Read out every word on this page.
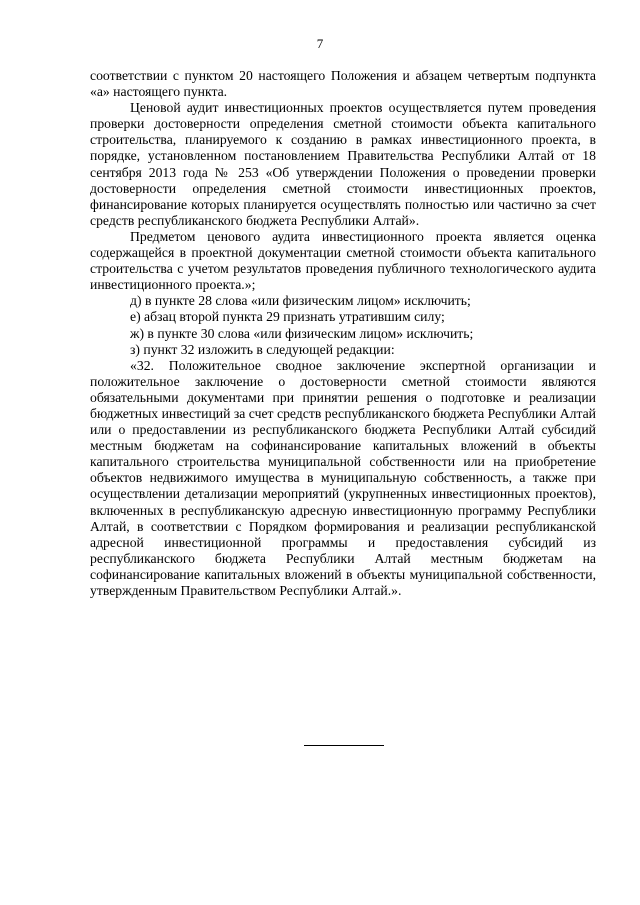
7

соответствии с пунктом 20 настоящего Положения и абзацем четвертым подпункта «а» настоящего пункта.

Ценовой аудит инвестиционных проектов осуществляется путем проведения проверки достоверности определения сметной стоимости объекта капитального строительства, планируемого к созданию в рамках инвестиционного проекта, в порядке, установленном постановлением Правительства Республики Алтай от 18 сентября 2013 года № 253 «Об утверждении Положения о проведении проверки достоверности определения сметной стоимости инвестиционных проектов, финансирование которых планируется осуществлять полностью или частично за счет средств республиканского бюджета Республики Алтай».

Предметом ценового аудита инвестиционного проекта является оценка содержащейся в проектной документации сметной стоимости объекта капитального строительства с учетом результатов проведения публичного технологического аудита инвестиционного проекта.»;

д) в пункте 28 слова «или физическим лицом» исключить;

е) абзац второй пункта 29 признать утратившим силу;

ж) в пункте 30 слова «или физическим лицом» исключить;

з) пункт 32 изложить в следующей редакции:

«32. Положительное сводное заключение экспертной организации и положительное заключение о достоверности сметной стоимости являются обязательными документами при принятии решения о подготовке и реализации бюджетных инвестиций за счет средств республиканского бюджета Республики Алтай или о предоставлении из республиканского бюджета Республики Алтай субсидий местным бюджетам на софинансирование капитальных вложений в объекты капитального строительства муниципальной собственности или на приобретение объектов недвижимого имущества в муниципальную собственность, а также при осуществлении детализации мероприятий (укрупненных инвестиционных проектов), включенных в республиканскую адресную инвестиционную программу Республики Алтай, в соответствии с Порядком формирования и реализации республиканской адресной инвестиционной программы и предоставления субсидий из республиканского бюджета Республики Алтай местным бюджетам на софинансирование капитальных вложений в объекты муниципальной собственности, утвержденным Правительством Республики Алтай.».
